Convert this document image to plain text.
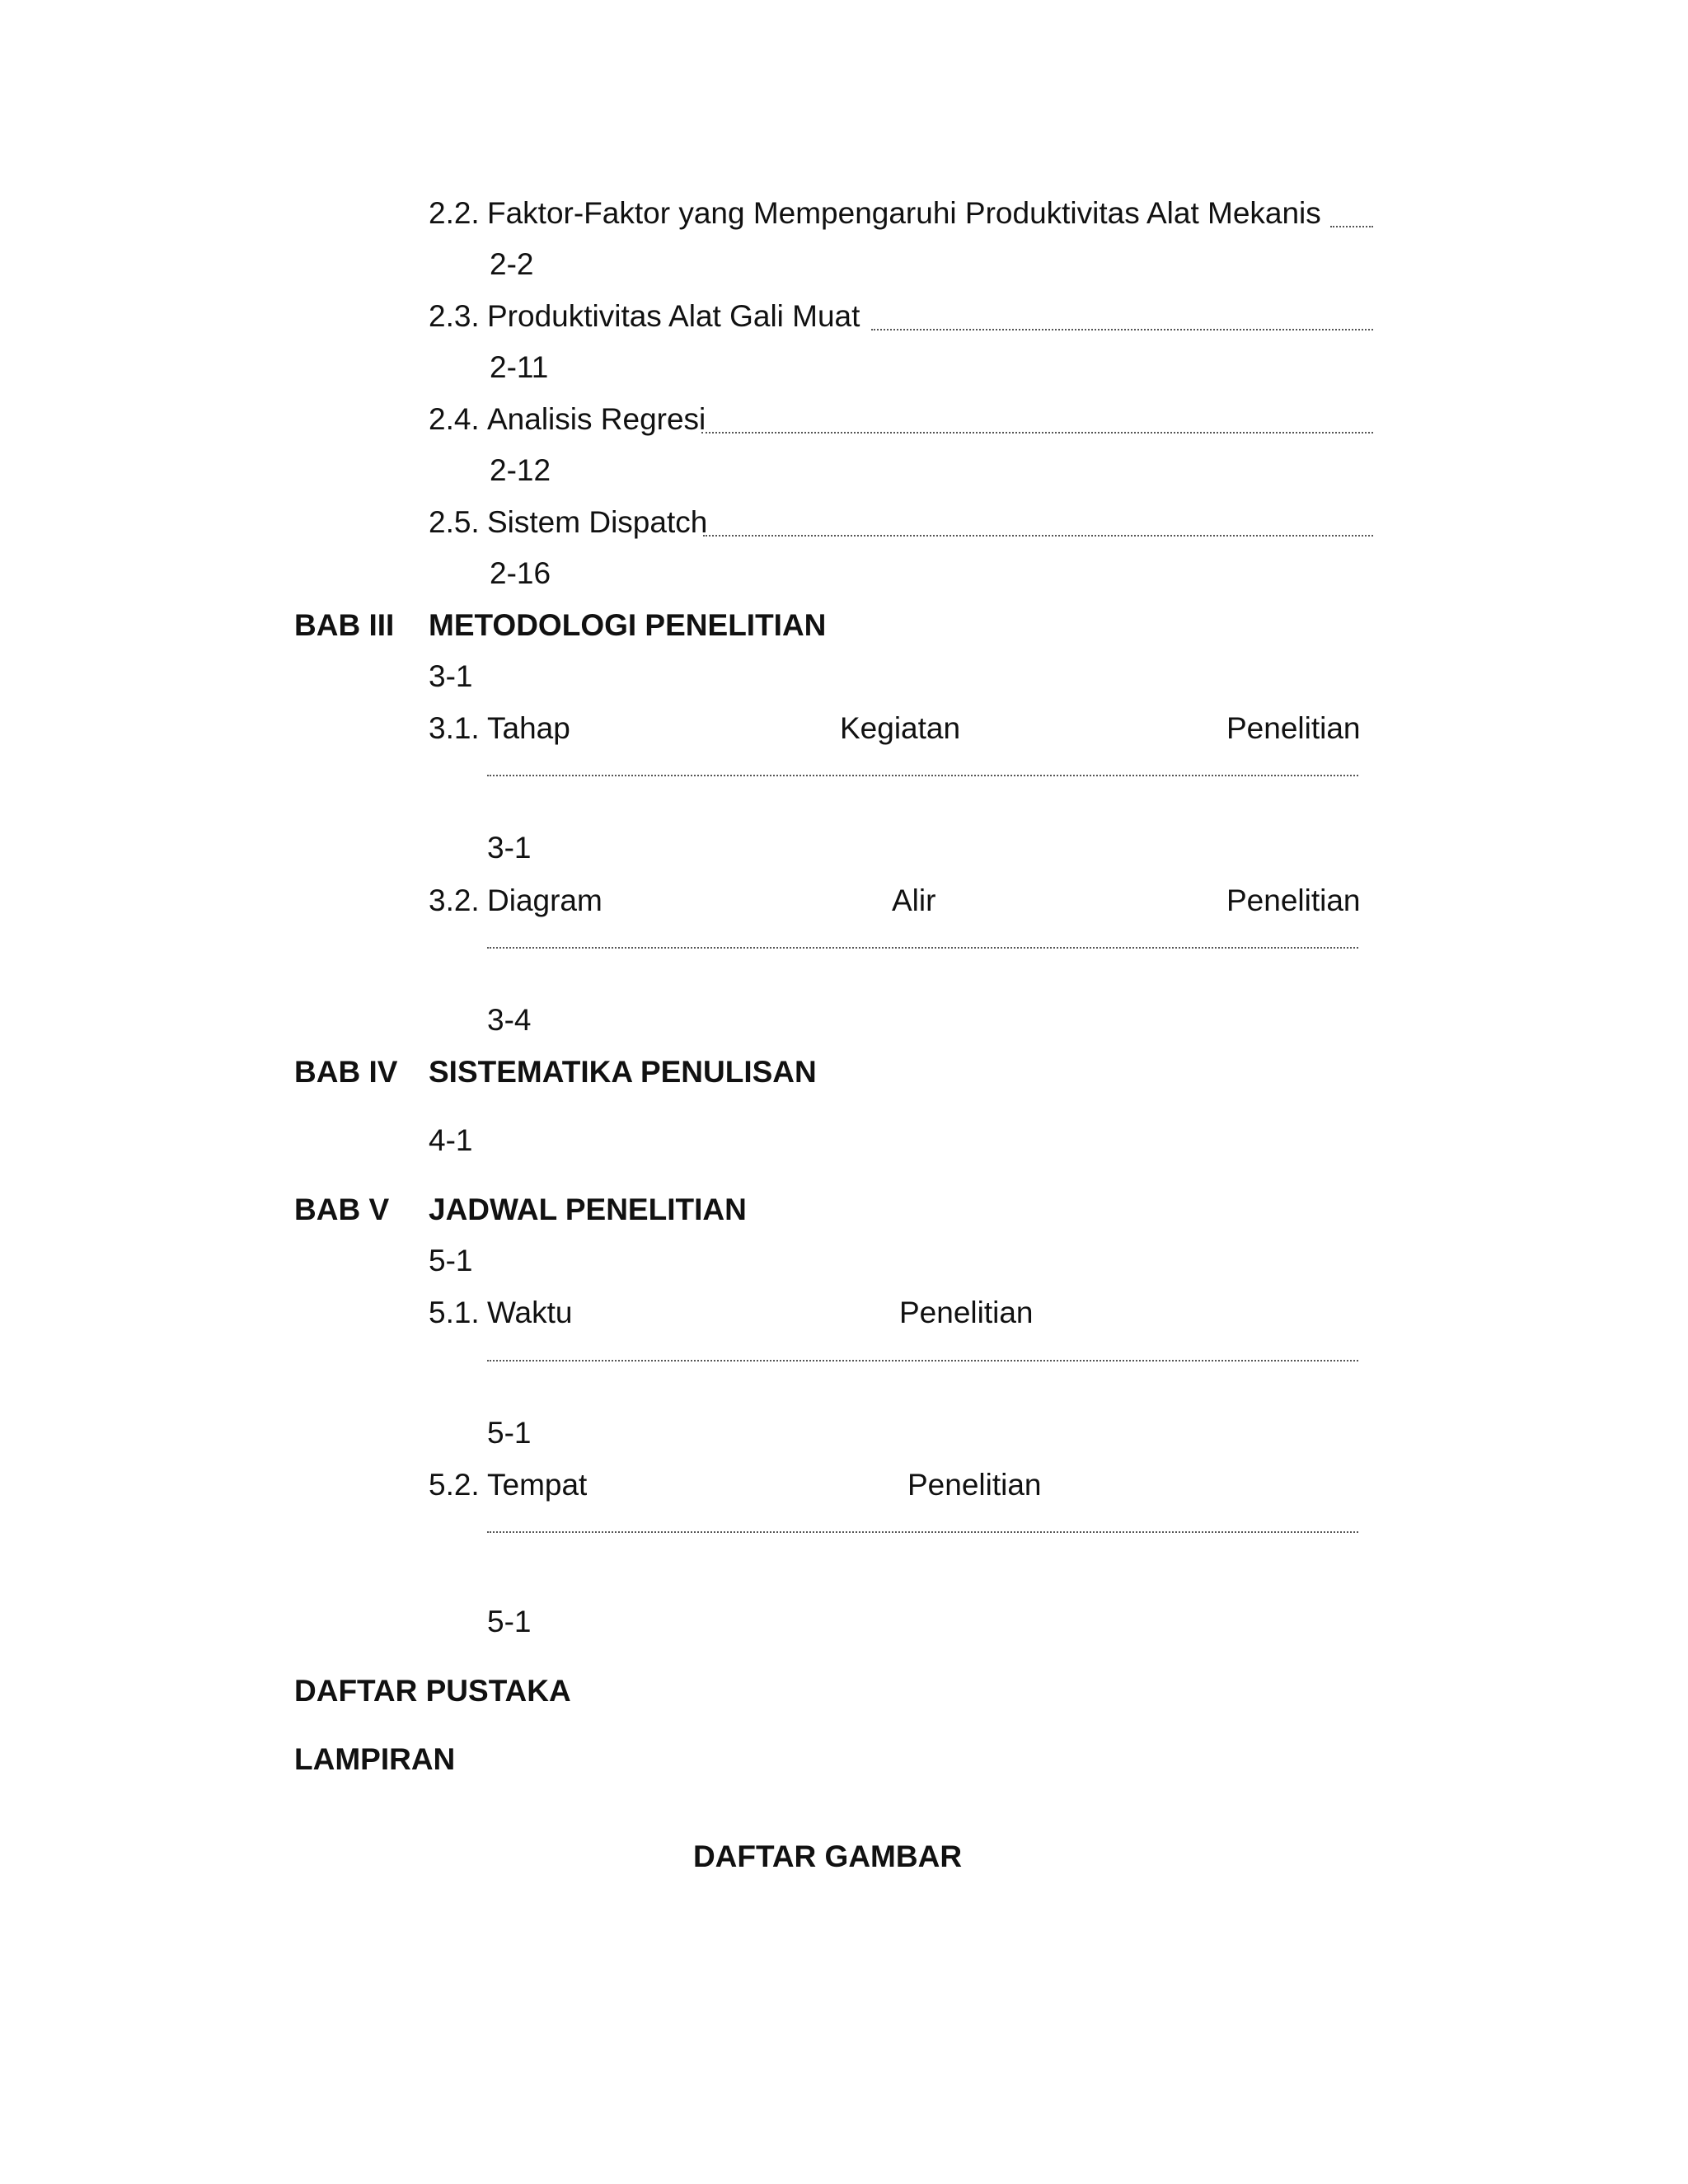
2.2. Faktor-Faktor yang Mempengaruhi Produktivitas Alat Mekanis
2-2
2.3. Produktivitas Alat Gali Muat
2-11
2.4. Analisis Regresi
2-12
2.5. Sistem Dispatch
2-16
BAB III METODOLOGI PENELITIAN
3-1
3.1. Tahap	Kegiatan	Penelitian
3-1
3.2. Diagram	Alir	Penelitian
3-4
BAB IV SISTEMATIKA PENULISAN
4-1
BAB V JADWAL PENELITIAN
5-1
5.1. Waktu	Penelitian
5-1
5.2. Tempat	Penelitian
5-1
DAFTAR PUSTAKA
LAMPIRAN
DAFTAR GAMBAR
